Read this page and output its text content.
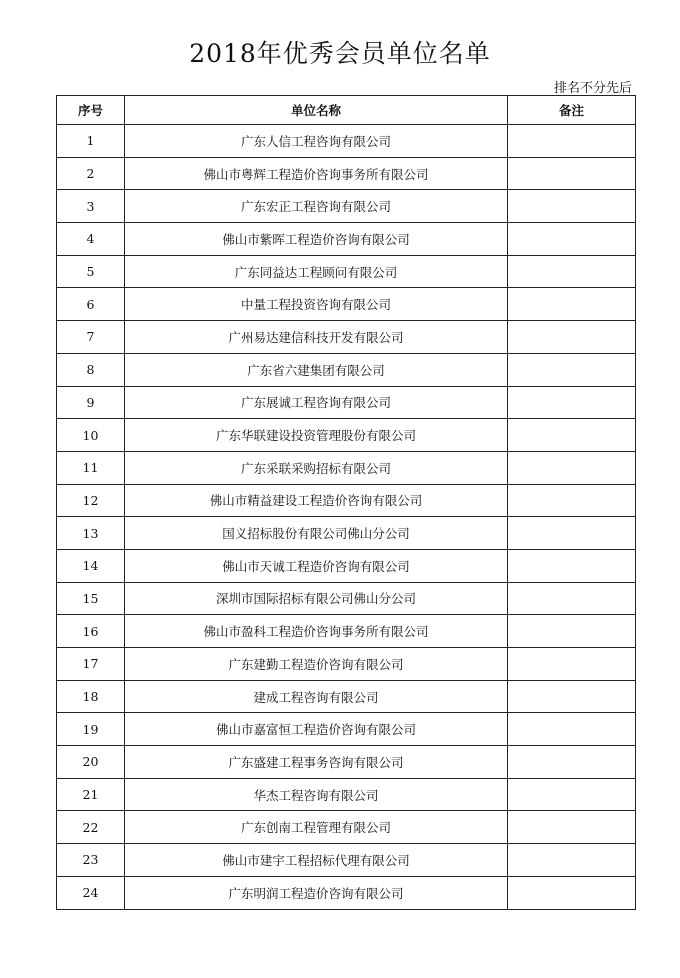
2018年优秀会员单位名单
排名不分先后
序号	单位名称	备注
1	广东人信工程咨询有限公司	
2	佛山市粤辉工程造价咨询事务所有限公司	
3	广东宏正工程咨询有限公司	
4	佛山市紫晖工程造价咨询有限公司	
5	广东同益达工程顾问有限公司	
6	中量工程投资咨询有限公司	
7	广州易达建信科技开发有限公司	
8	广东省六建集团有限公司	
9	广东展诚工程咨询有限公司	
10	广东华联建设投资管理股份有限公司	
11	广东采联采购招标有限公司	
12	佛山市精益建设工程造价咨询有限公司	
13	国义招标股份有限公司佛山分公司	
14	佛山市天诚工程造价咨询有限公司	
15	深圳市国际招标有限公司佛山分公司	
16	佛山市盈科工程造价咨询事务所有限公司	
17	广东建勤工程造价咨询有限公司	
18	建成工程咨询有限公司	
19	佛山市嘉富恒工程造价咨询有限公司	
20	广东盛建工程事务咨询有限公司	
21	华杰工程咨询有限公司	
22	广东创南工程管理有限公司	
23	佛山市建宇工程招标代理有限公司	
24	广东明润工程造价咨询有限公司	
